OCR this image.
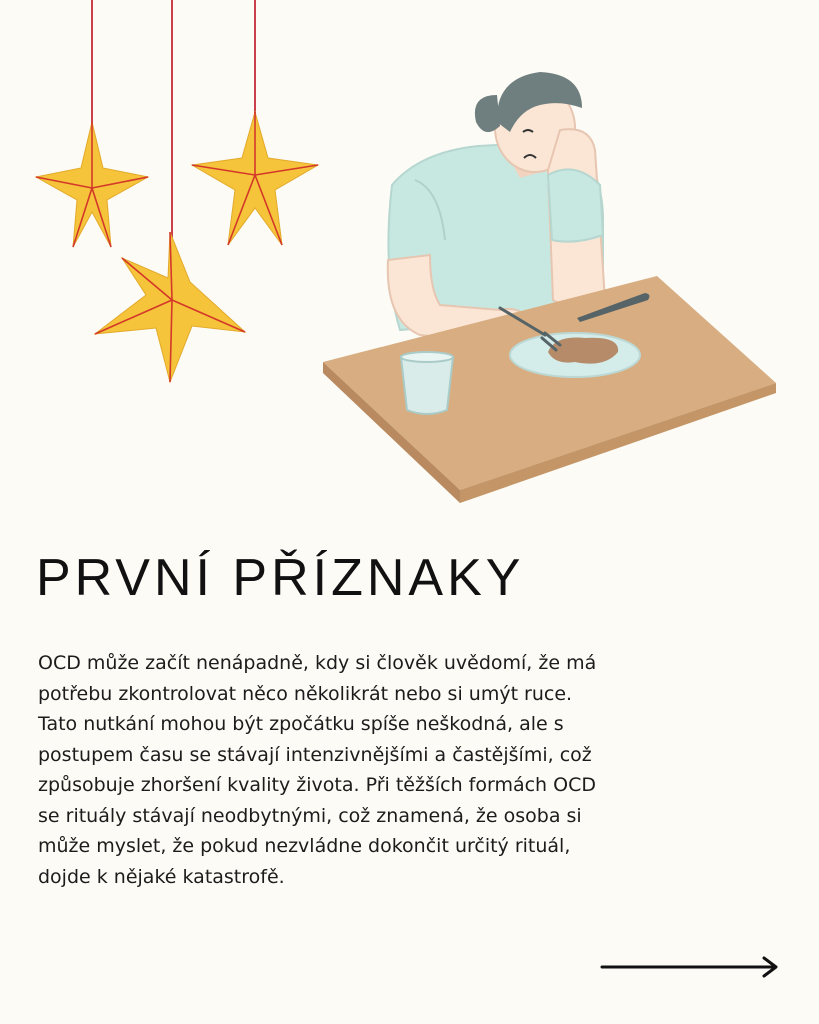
PRVNÍ PŘÍZNAKY
OCD může začít nenápadně, kdy si člověk uvědomí, že má
potřebu zkontrolovat něco několikrát nebo si umýt ruce.
Tato nutkání mohou být zpočátku spíše neškodná, ale s
postupem času se stávají intenzivnějšími a častějšími, což
způsobuje zhoršení kvality života. Při těžších formách OCD
se rituály stávají neodbytnými, což znamená, že osoba si
může myslet, že pokud nezvládne dokončit určitý rituál,
dojde k nějaké katastrofě.
